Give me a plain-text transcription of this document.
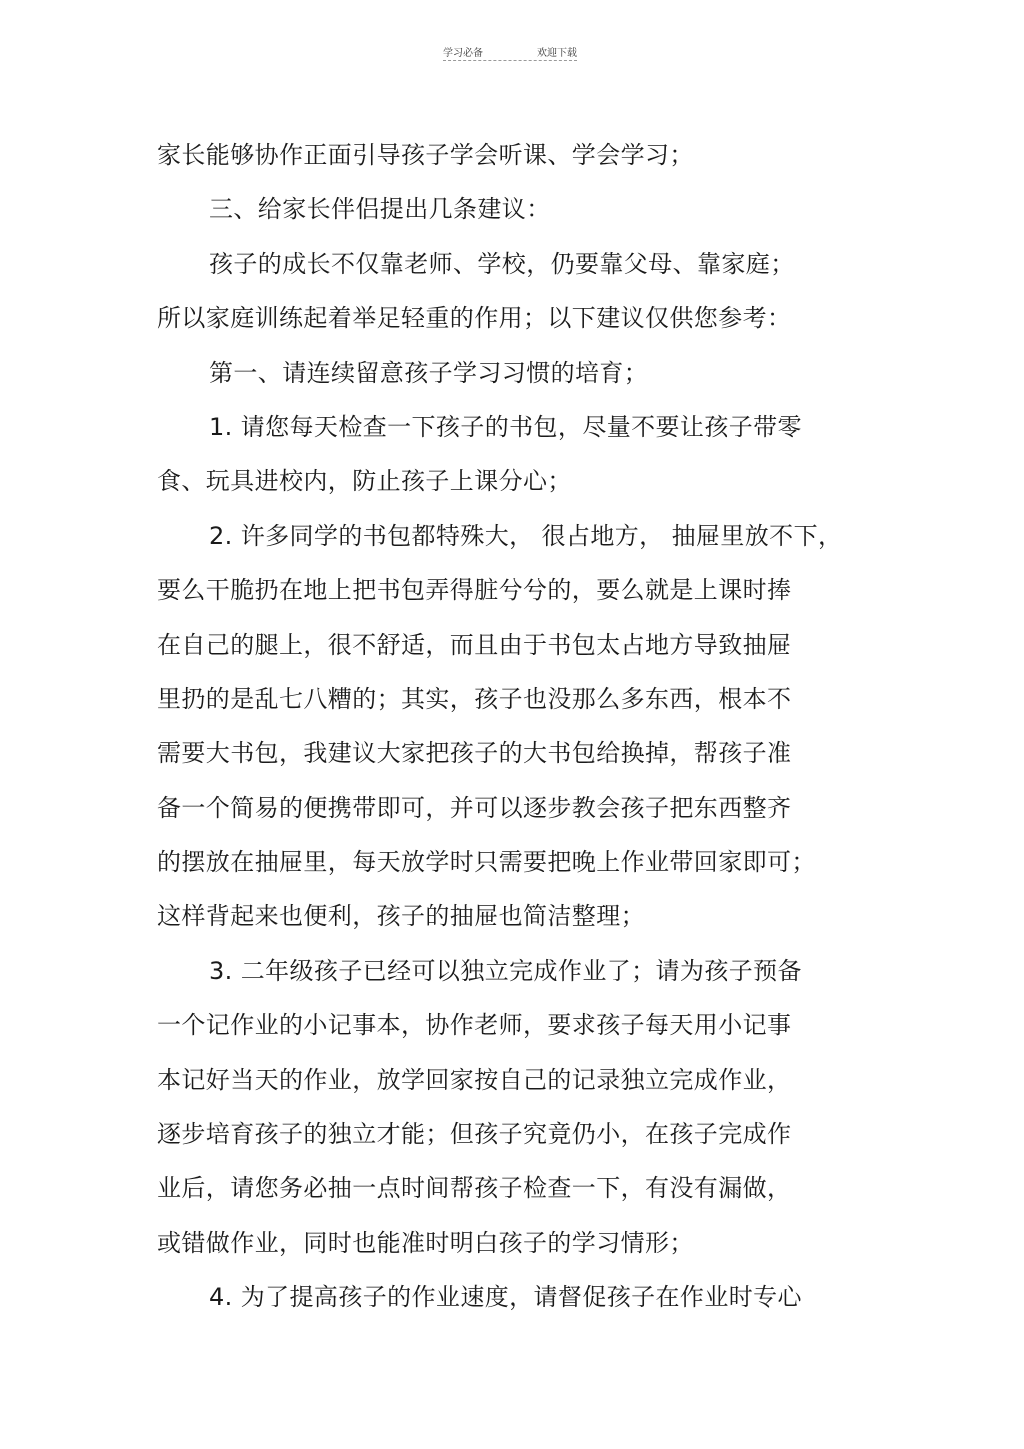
学习必备	欢迎下载
家长能够协作正面引导孩子学会听课、学会学习；
三、给家长伴侣提出几条建议：
孩子的成长不仅靠老师、学校，仍要靠父母、靠家庭；
所以家庭训练起着举足轻重的作用；以下建议仅供您参考：
第一、请连续留意孩子学习习惯的培育；
1. 请您每天检查一下孩子的书包，尽量不要让孩子带零
食、玩具进校内，防止孩子上课分心；
2. 许多同学的书包都特殊大， 很占地方， 抽屉里放不下，
要么干脆扔在地上把书包弄得脏兮兮的，要么就是上课时捧
在自己的腿上，很不舒适，而且由于书包太占地方导致抽屉
里扔的是乱七八糟的；其实，孩子也没那么多东西，根本不
需要大书包，我建议大家把孩子的大书包给换掉，帮孩子准
备一个简易的便携带即可，并可以逐步教会孩子把东西整齐
的摆放在抽屉里，每天放学时只需要把晚上作业带回家即可；
这样背起来也便利，孩子的抽屉也简洁整理；
3. 二年级孩子已经可以独立完成作业了；请为孩子预备
一个记作业的小记事本，协作老师，要求孩子每天用小记事
本记好当天的作业，放学回家按自己的记录独立完成作业，
逐步培育孩子的独立才能；但孩子究竟仍小，在孩子完成作
业后，请您务必抽一点时间帮孩子检查一下，有没有漏做，
或错做作业，同时也能准时明白孩子的学习情形；
4. 为了提高孩子的作业速度，请督促孩子在作业时专心
